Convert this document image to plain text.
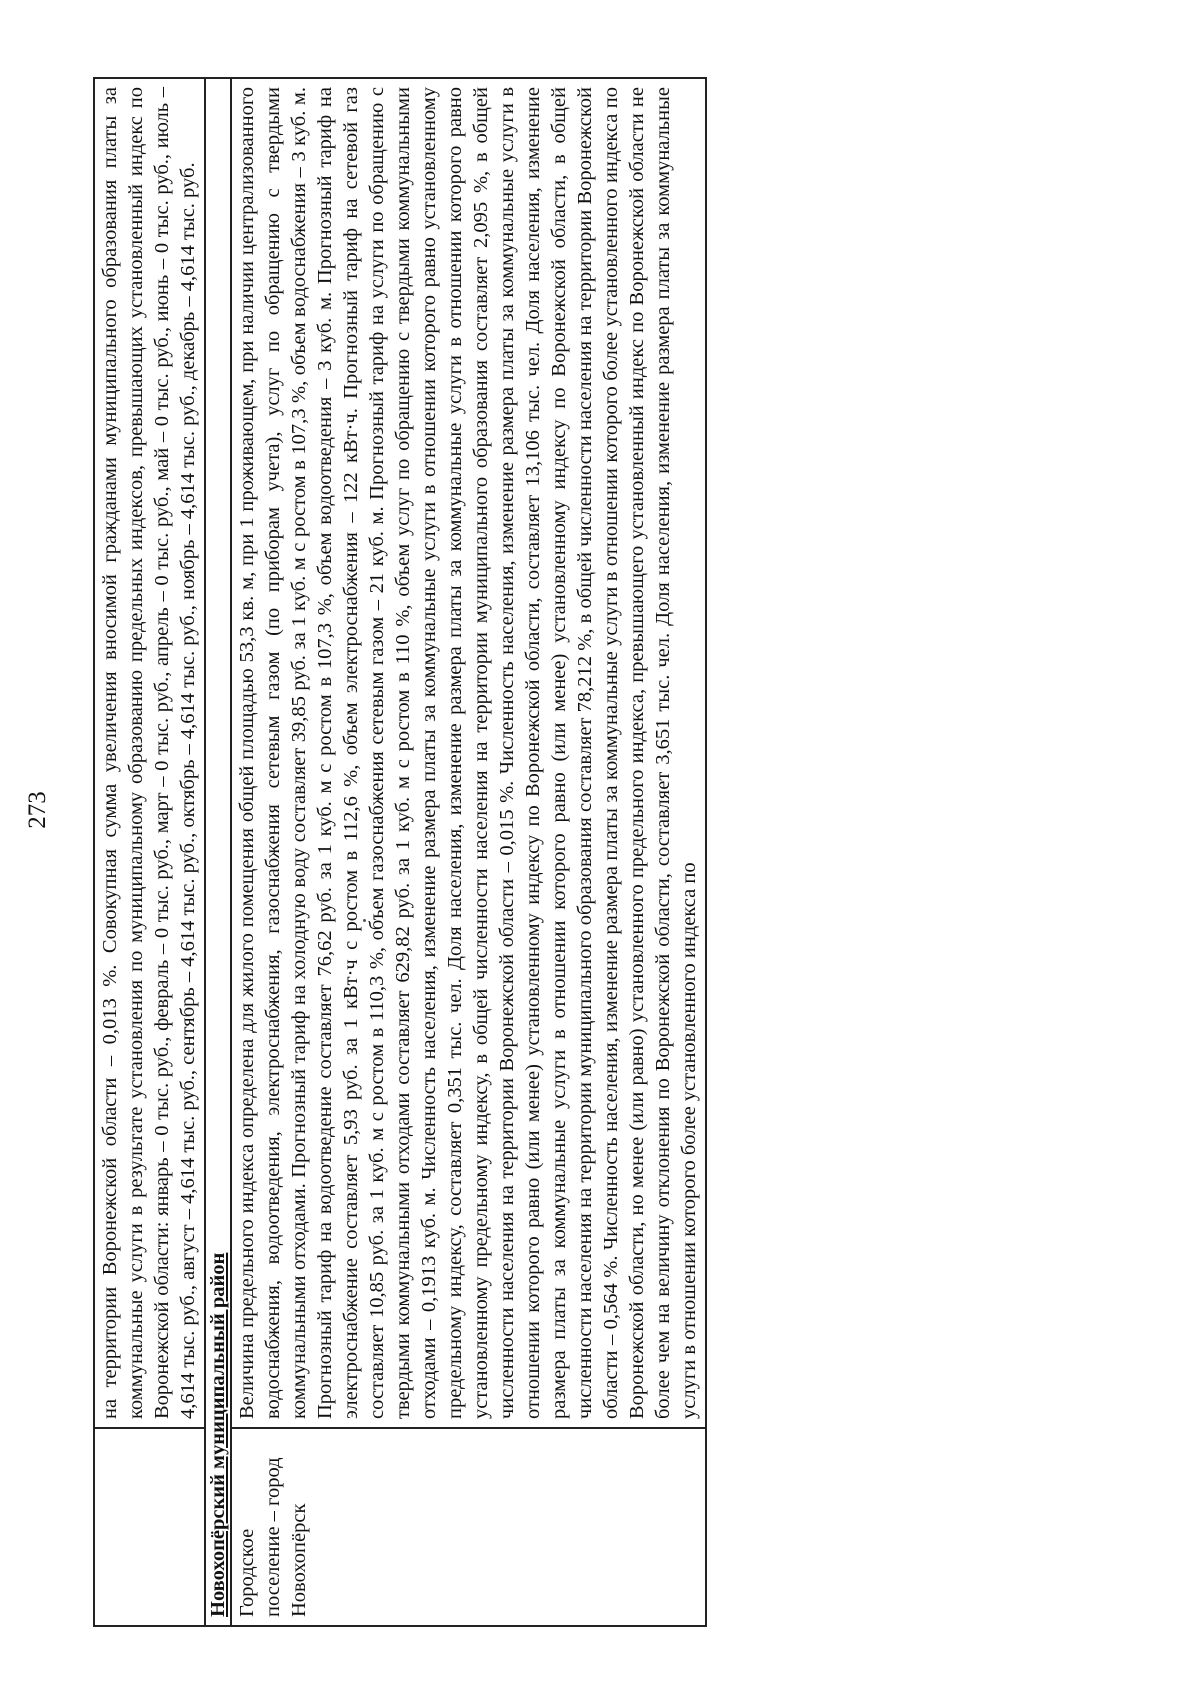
273

	на территории Воронежской области – 0,013 %. Совокупная сумма увеличения вносимой гражданами муниципального образования платы за коммунальные услуги в результате установления по муниципальному образованию предельных индексов, превышающих установленный индекс по Воронежской области: январь – 0 тыс. руб., февраль – 0 тыс. руб., март – 0 тыс. руб., апрель – 0 тыс. руб., май – 0 тыс. руб., июнь – 0 тыс. руб., июль – 4,614 тыс. руб., август – 4,614 тыс. руб., сентябрь – 4,614 тыс. руб., октябрь – 4,614 тыс. руб., ноябрь – 4,614 тыс. руб., декабрь – 4,614 тыс. руб.

Новохопёрский муниципальный район	
Городское поселение – город Новохопёрск	Величина предельного индекса определена для жилого помещения общей площадью 53,3 кв. м, при 1 проживающем, при наличии централизованного водоснабжения, водоотведения, электроснабжения, газоснабжения сетевым газом (по приборам учета), услуг по обращению с твердыми коммунальными отходами. Прогнозный тариф на холодную воду составляет 39,85 руб. за 1 куб. м с ростом в 107,3 %, объем водоснабжения – 3 куб. м. Прогнозный тариф на водоотведение составляет 76,62 руб. за 1 куб. м с ростом в 107,3 %, объем водоотведения – 3 куб. м. Прогнозный тариф на электроснабжение составляет 5,93 руб. за 1 кВт·ч с ростом в 112,6 %, объем электроснабжения – 122 кВт·ч. Прогнозный тариф на сетевой газ составляет 10,85 руб. за 1 куб. м с ростом в 110,3 %, объем газоснабжения сетевым газом – 21 куб. м. Прогнозный тариф на услуги по обращению с твердыми коммунальными отходами составляет 629,82 руб. за 1 куб. м с ростом в 110 %, объем услуг по обращению с твердыми коммунальными отходами – 0,1913 куб. м. Численность населения, изменение размера платы за коммунальные услуги в отношении которого равно установленному предельному индексу, составляет 0,351 тыс. чел. Доля населения, изменение размера платы за коммунальные услуги в отношении которого равно установленному предельному индексу, в общей численности населения на территории муниципального образования составляет 2,095 %, в общей численности населения на территории Воронежской области – 0,015 %. Численность населения, изменение размера платы за коммунальные услуги в отношении которого равно (или менее) установленному индексу по Воронежской области, составляет 13,106 тыс. чел. Доля населения, изменение размера платы за коммунальные услуги в отношении которого равно (или менее) установленному индексу по Воронежской области, в общей численности населения на территории муниципального образования составляет 78,212 %, в общей численности населения на территории Воронежской области – 0,564 %. Численность населения, изменение размера платы за коммунальные услуги в отношении которого более установленного индекса по Воронежской области, но менее (или равно) установленного предельного индекса, превышающего установленный индекс по Воронежской области не более чем на величину отклонения по Воронежской области, составляет 3,651 тыс. чел. Доля населения, изменение размера платы за коммунальные услуги в отношении которого более установленного индекса по
